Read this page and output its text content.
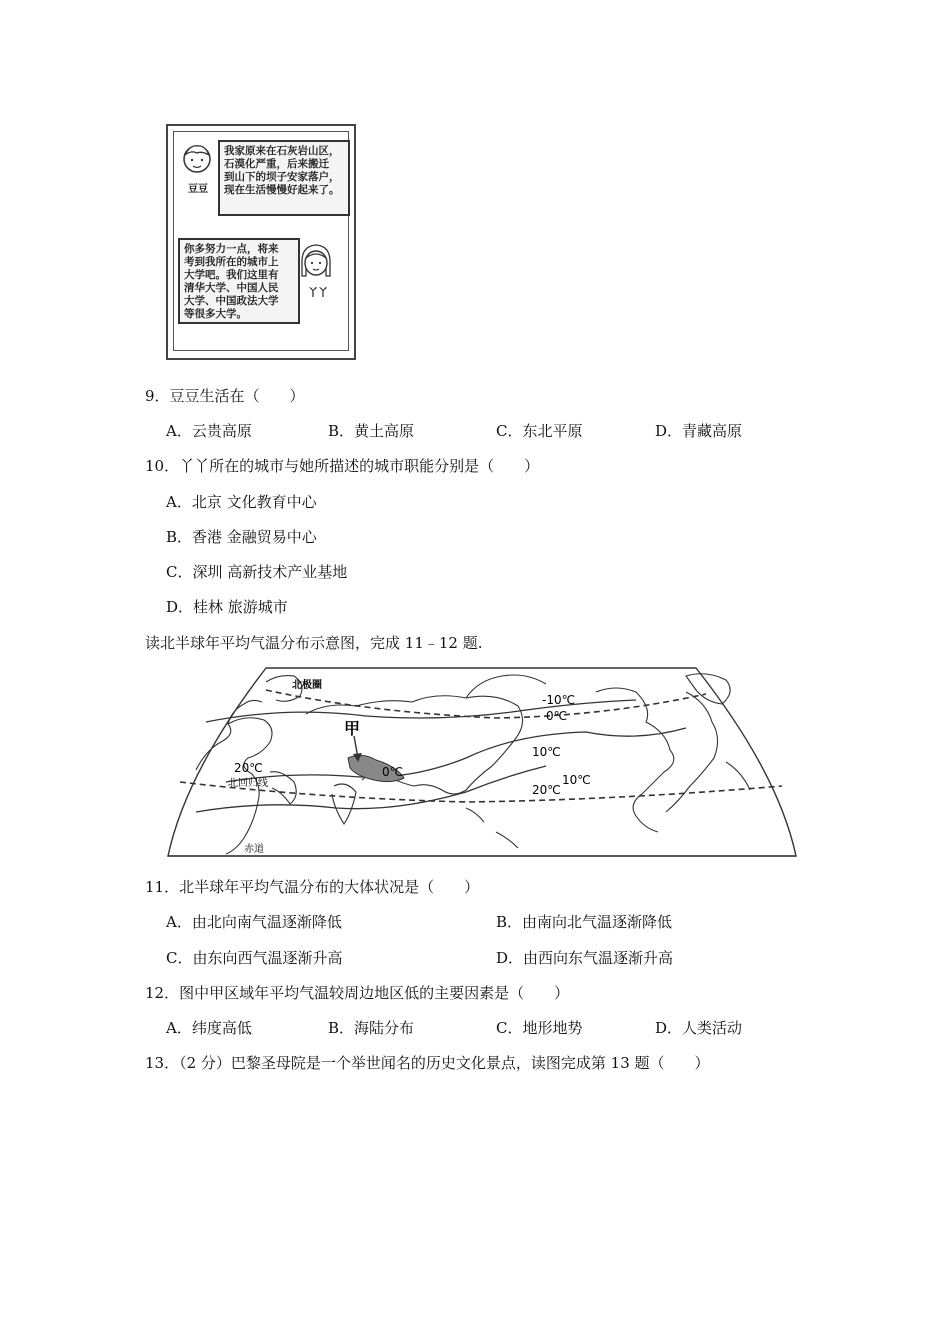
豆豆
我家原来在石灰岩山区，
石漠化严重，后来搬迁
到山下的坝子安家落户，
现在生活慢慢好起来了。
你多努力一点，将来
考到我所在的城市上
大学吧。我们这里有
清华大学、中国人民
大学、中国政法大学
等很多大学。
丫丫
9．豆豆生活在（　　）
A．云贵高原	B．黄土高原	C．东北平原	D．青藏高原
10．丫丫所在的城市与她所描述的城市职能分别是（　　）
A．北京 文化教育中心
B．香港 金融贸易中心
C．深圳 高新技术产业基地
D．桂林 旅游城市
读北半球年平均气温分布示意图，完成 11﹣12 题.
北极圈
甲
0℃
-10℃
0℃
10℃
10℃
20℃
20℃
北回归线
赤道
11．北半球年平均气温分布的大体状况是（　　）
A．由北向南气温逐渐降低	B．由南向北气温逐渐降低
C．由东向西气温逐渐升高	D．由西向东气温逐渐升高
12．图中甲区域年平均气温较周边地区低的主要因素是（　　）
A．纬度高低	B．海陆分布	C．地形地势	D．人类活动
13．（2 分）巴黎圣母院是一个举世闻名的历史文化景点，读图完成第 13 题（　　）
